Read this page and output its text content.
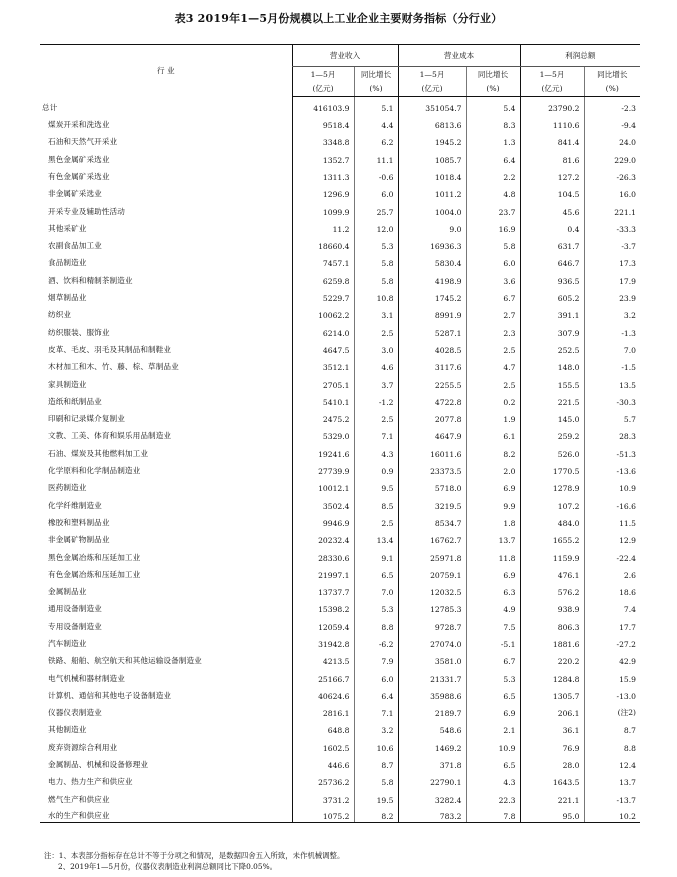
表3 2019年1—5月份规模以上工业企业主要财务指标（分行业）
行 业	营业收入		营业成本		利润总额	
	1—5月	同比增长	1—5月	同比增长	1—5月	同比增长
	(亿元)	(%)	(亿元)	(%)	(亿元)	(%)
总计	416103.9	5.1	351054.7	5.4	23790.2	-2.3
煤炭开采和洗选业	9518.4	4.4	6813.6	8.3	1110.6	-9.4
石油和天然气开采业	3348.8	6.2	1945.2	1.3	841.4	24.0
黑色金属矿采选业	1352.7	11.1	1085.7	6.4	81.6	229.0
有色金属矿采选业	1311.3	-0.6	1018.4	2.2	127.2	-26.3
非金属矿采选业	1296.9	6.0	1011.2	4.8	104.5	16.0
开采专业及辅助性活动	1099.9	25.7	1004.0	23.7	45.6	221.1
其他采矿业	11.2	12.0	9.0	16.9	0.4	-33.3
农副食品加工业	18660.4	5.3	16936.3	5.8	631.7	-3.7
食品制造业	7457.1	5.8	5830.4	6.0	646.7	17.3
酒、饮料和精制茶制造业	6259.8	5.8	4198.9	3.6	936.5	17.9
烟草制品业	5229.7	10.8	1745.2	6.7	605.2	23.9
纺织业	10062.2	3.1	8991.9	2.7	391.1	3.2
纺织服装、服饰业	6214.0	2.5	5287.1	2.3	307.9	-1.3
皮革、毛皮、羽毛及其制品和制鞋业	4647.5	3.0	4028.5	2.5	252.5	7.0
木材加工和木、竹、藤、棕、草制品业	3512.1	4.6	3117.6	4.7	148.0	-1.5
家具制造业	2705.1	3.7	2255.5	2.5	155.5	13.5
造纸和纸制品业	5410.1	-1.2	4722.8	0.2	221.5	-30.3
印刷和记录媒介复制业	2475.2	2.5	2077.8	1.9	145.0	5.7
文教、工美、体育和娱乐用品制造业	5329.0	7.1	4647.9	6.1	259.2	28.3
石油、煤炭及其他燃料加工业	19241.6	4.3	16011.6	8.2	526.0	-51.3
化学原料和化学制品制造业	27739.9	0.9	23373.5	2.0	1770.5	-13.6
医药制造业	10012.1	9.5	5718.0	6.9	1278.9	10.9
化学纤维制造业	3502.4	8.5	3219.5	9.9	107.2	-16.6
橡胶和塑料制品业	9946.9	2.5	8534.7	1.8	484.0	11.5
非金属矿物制品业	20232.4	13.4	16762.7	13.7	1655.2	12.9
黑色金属冶炼和压延加工业	28330.6	9.1	25971.8	11.8	1159.9	-22.4
有色金属冶炼和压延加工业	21997.1	6.5	20759.1	6.9	476.1	2.6
金属制品业	13737.7	7.0	12032.5	6.3	576.2	18.6
通用设备制造业	15398.2	5.3	12785.3	4.9	938.9	7.4
专用设备制造业	12059.4	8.8	9728.7	7.5	806.3	17.7
汽车制造业	31942.8	-6.2	27074.0	-5.1	1881.6	-27.2
铁路、船舶、航空航天和其他运输设备制造业	4213.5	7.9	3581.0	6.7	220.2	42.9
电气机械和器材制造业	25166.7	6.0	21331.7	5.3	1284.8	15.9
计算机、通信和其他电子设备制造业	40624.6	6.4	35988.6	6.5	1305.7	-13.0
仪器仪表制造业	2816.1	7.1	2189.7	6.9	206.1	(注2)
其他制造业	648.8	3.2	548.6	2.1	36.1	8.7
废弃资源综合利用业	1602.5	10.6	1469.2	10.9	76.9	8.8
金属制品、机械和设备修理业	446.6	8.7	371.8	6.5	28.0	12.4
电力、热力生产和供应业	25736.2	5.8	22790.1	4.3	1643.5	13.7
燃气生产和供应业	3731.2	19.5	3282.4	22.3	221.1	-13.7
水的生产和供应业	1075.2	8.2	783.2	7.8	95.0	10.2
注：1、本表部分指标存在总计不等于分项之和情况，是数据四舍五入所致，未作机械调整。
2、2019年1—5月份，仪器仪表制造业利润总额同比下降0.05%。
